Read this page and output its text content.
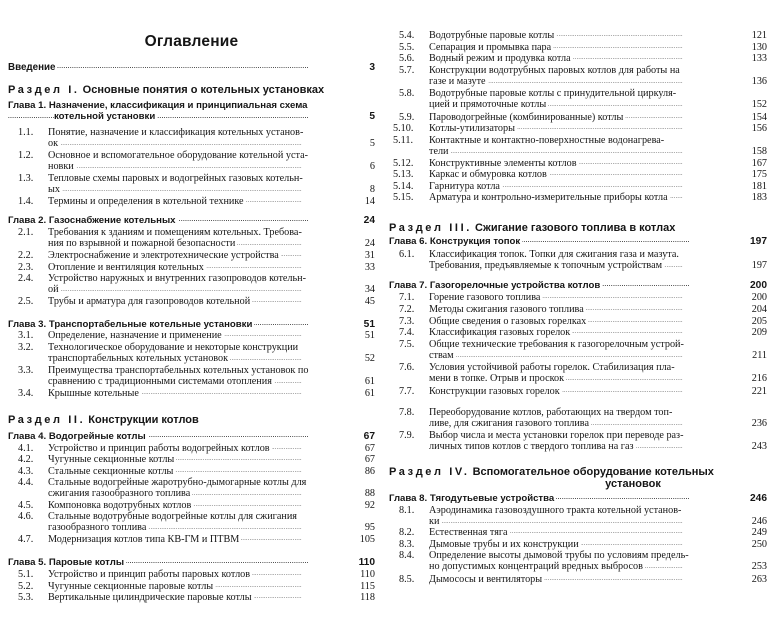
Оглавление
Глава 1. Назначение, классификация и принципиальная схема
котельной установки . . .	5
1.1. Понятие, назначение и классификация котельных установ-
ок . . .	5
1.2. Основное и вспомогательное оборудование котельной уста-
новки . . .	6
1.3. Тепловые схемы паровых и водогрейных газовых котельн-
ых . . .	8
1.4. Термины и определения в котельной технике . . .	14
Глава 2. Газоснабжение котельных . . .	24
2.1. Требования к зданиям и помещениям котельных. Требова-
ния по взрывной и пожарной безопасности . . .	24
2.2. Электроснабжение и электротехнические устройства . . .	31
2.3. Отопление и вентиляция котельных . . .	33
2.4. Устройство наружных и внутренних газопроводов котельн-
ой . . .	34
2.5. Трубы и арматура для газопроводов котельной . . .	45
Глава 3. Транспортабельные котельные установки . . .	51
3.1. Определение, назначение и применение . . .	51
3.2. Технологическое оборудование и некоторые конструкции
транспортабельных котельных установок . . .	52
3.3. Преимущества транспортабельных котельных установок по
сравнению с традиционными системами отопления . . .	61
3.4. Крышные котельные . . .	61
Глава 4. Водогрейные котлы . . .	67
4.1. Устройство и принцип работы водогрейных котлов . . .	67
4.2. Чугунные секционные котлы . . .	67
4.3. Стальные секционные котлы . . .	86
4.4. Стальные водогрейные жаротрубно-дымогарные котлы для
сжигания газообразного топлива . . .	88
4.5. Компоновка водотрубных котлов . . .	92
4.6. Стальные водотрубные водогрейные котлы для сжигания
газообразного топлива . . .	95
4.7. Модернизация котлов типа КВ-ГМ и ПТВМ . . .	105
Глава 5. Паровые котлы . . .	110
5.1. Устройство и принцип работы паровых котлов . . .	110
5.2. Чугунные секционные паровые котлы . . .	115
5.3. Вертикальные цилиндрические паровые котлы . . .	118
Введение . . .	3
Раздел I. Основные понятия о котельных установках
Раздел II. Конструкции котлов
5.4. Водотрубные паровые котлы . . .	121
5.5. Сепарация и промывка пара . . .	130
5.6. Водный режим и продувка котла . . .	133
5.7. Конструкции водотрубных паровых котлов для работы на
газе и мазуте . . .	136
5.8. Водотрубные паровые котлы с принудительной циркуля-
цией и прямоточные котлы . . .	152
5.9. Пароводогрейные (комбинированные) котлы . . .	154
5.10. Котлы-утилизаторы . . .	156
5.11. Контактные и контактно-поверхностные водонагрева-
тели . . .	158
5.12. Конструктивные элементы котлов . . .	167
5.13. Каркас и обмуровка котлов . . .	175
5.14. Гарнитура котла . . .	181
5.15. Арматура и контрольно-измерительные приборы котла . . .	183
Глава 6. Конструкция топок . . .	197
6.1. Классификация топок. Топки для сжигания газа и мазута.
Требования, предъявляемые к топочным устройствам . . .	197
Глава 7. Газогорелочные устройства котлов . . .	200
7.1. Горение газового топлива . . .	200
7.2. Методы сжигания газового топлива . . .	204
7.3. Общие сведения о газовых горелках . . .	205
7.4. Классификация газовых горелок . . .	209
7.5. Общие технические требования к газогорелочным устрой-
ствам . . .	211
7.6. Условия устойчивой работы горелок. Стабилизация пла-
мени в топке. Отрыв и проскок . . .	216
7.7. Конструкции газовых горелок . . .	221
7.8. Переоборудование котлов, работающих на твердом топ-
ливе, для сжигания газового топлива . . .	236
7.9. Выбор числа и места установки горелок при переводе раз-
личных типов котлов с твердого топлива на газ . . .	243
Глава 8. Тягодутьевые устройства . . .	246
8.1. Аэродинамика газовоздушного тракта котельной установ-
ки . . .	246
8.2. Естественная тяга . . .	249
8.3. Дымовые трубы и их конструкции . . .	250
8.4. Определение высоты дымовой трубы по условиям предель-
но допустимых концентраций вредных выбросов . . .	253
8.5. Дымососы и вентиляторы . . .	263
Раздел III. Сжигание газового топлива в котлах
Раздел IV. Вспомогательное оборудование котельных
установок
